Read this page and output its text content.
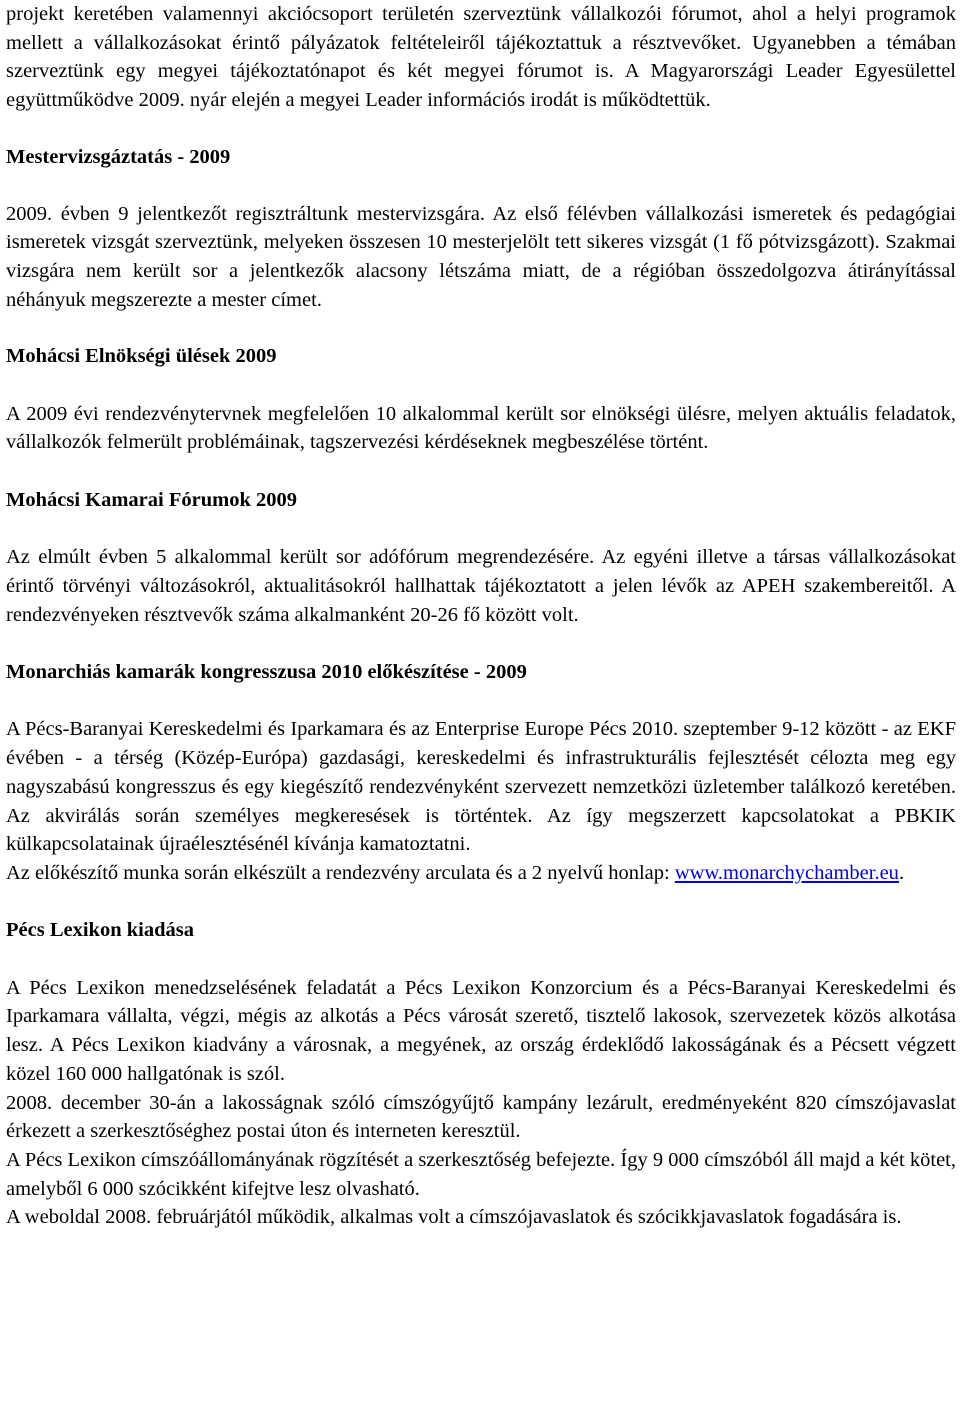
projekt keretében valamennyi akciócsoport területén szerveztünk vállalkozói fórumot, ahol a helyi programok mellett a vállalkozásokat érintő pályázatok feltételeiről tájékoztattuk a résztvevőket. Ugyanebben a témában szerveztünk egy megyei tájékoztatónapot és két megyei fórumot is. A Magyarországi Leader Egyesülettel együttműködve 2009. nyár elején a megyei Leader információs irodát is működtettük.

Mestervizsgáztatás - 2009

2009. évben 9 jelentkezőt regisztráltunk mestervizsgára. Az első félévben vállalkozási ismeretek és pedagógiai ismeretek vizsgát szerveztünk, melyeken összesen 10 mesterjelölt tett sikeres vizsgát (1 fő pótvizsgázott). Szakmai vizsgára nem került sor a jelentkezők alacsony létszáma miatt, de a régióban összedolgozva átirányítással néhányuk megszerezte a mester címet.

Mohácsi Elnökségi ülések 2009

A 2009 évi rendezvénytervnek megfelelően 10 alkalommal került sor elnökségi ülésre, melyen aktuális feladatok, vállalkozók felmerült problémáinak, tagszervezési kérdéseknek megbeszélése történt.

Mohácsi Kamarai Fórumok 2009

Az elmúlt évben 5 alkalommal került sor adófórum megrendezésére. Az egyéni illetve a társas vállalkozásokat érintő törvényi változásokról, aktualitásokról hallhattak tájékoztatott a jelen lévők az APEH szakembereitől. A rendezvényeken résztvevők száma alkalmanként 20-26 fő között volt.

Monarchiás kamarák kongresszusa 2010 előkészítése - 2009

A Pécs-Baranyai Kereskedelmi és Iparkamara és az Enterprise Europe Pécs 2010. szeptember 9-12 között - az EKF évében - a térség (Közép-Európa) gazdasági, kereskedelmi és infrastrukturális fejlesztését célozta meg egy nagyszabású kongresszus és egy kiegészítő rendezvényként szervezett nemzetközi üzletember találkozó keretében. Az akvirálás során személyes megkeresések is történtek. Az így megszerzett kapcsolatokat a PBKIK külkapcsolatainak újraélesztésénél kívánja kamatoztatni.

Az előkészítő munka során elkészült a rendezvény arculata és a 2 nyelvű honlap: www.monarchychamber.eu.

Pécs Lexikon kiadása

A Pécs Lexikon menedzselésének feladatát a Pécs Lexikon Konzorcium és a Pécs-Baranyai Kereskedelmi és Iparkamara vállalta, végzi, mégis az alkotás a Pécs városát szerető, tisztelő lakosok, szervezetek közös alkotása lesz. A Pécs Lexikon kiadvány a városnak, a megyének, az ország érdeklődő lakosságának és a Pécsett végzett közel 160 000 hallgatónak is szól.

2008. december 30-án a lakosságnak szóló címszógyűjtő kampány lezárult, eredményeként 820 címszójavaslat érkezett a szerkesztőséghez postai úton és interneten keresztül.

A Pécs Lexikon címszóállományának rögzítését a szerkesztőség befejezte. Így 9 000 címszóból áll majd a két kötet, amelyből 6 000 szócikként kifejtve lesz olvasható.

A weboldal 2008. februárjától működik, alkalmas volt a címszójavaslatok és szócikkjavaslatok fogadására is.
